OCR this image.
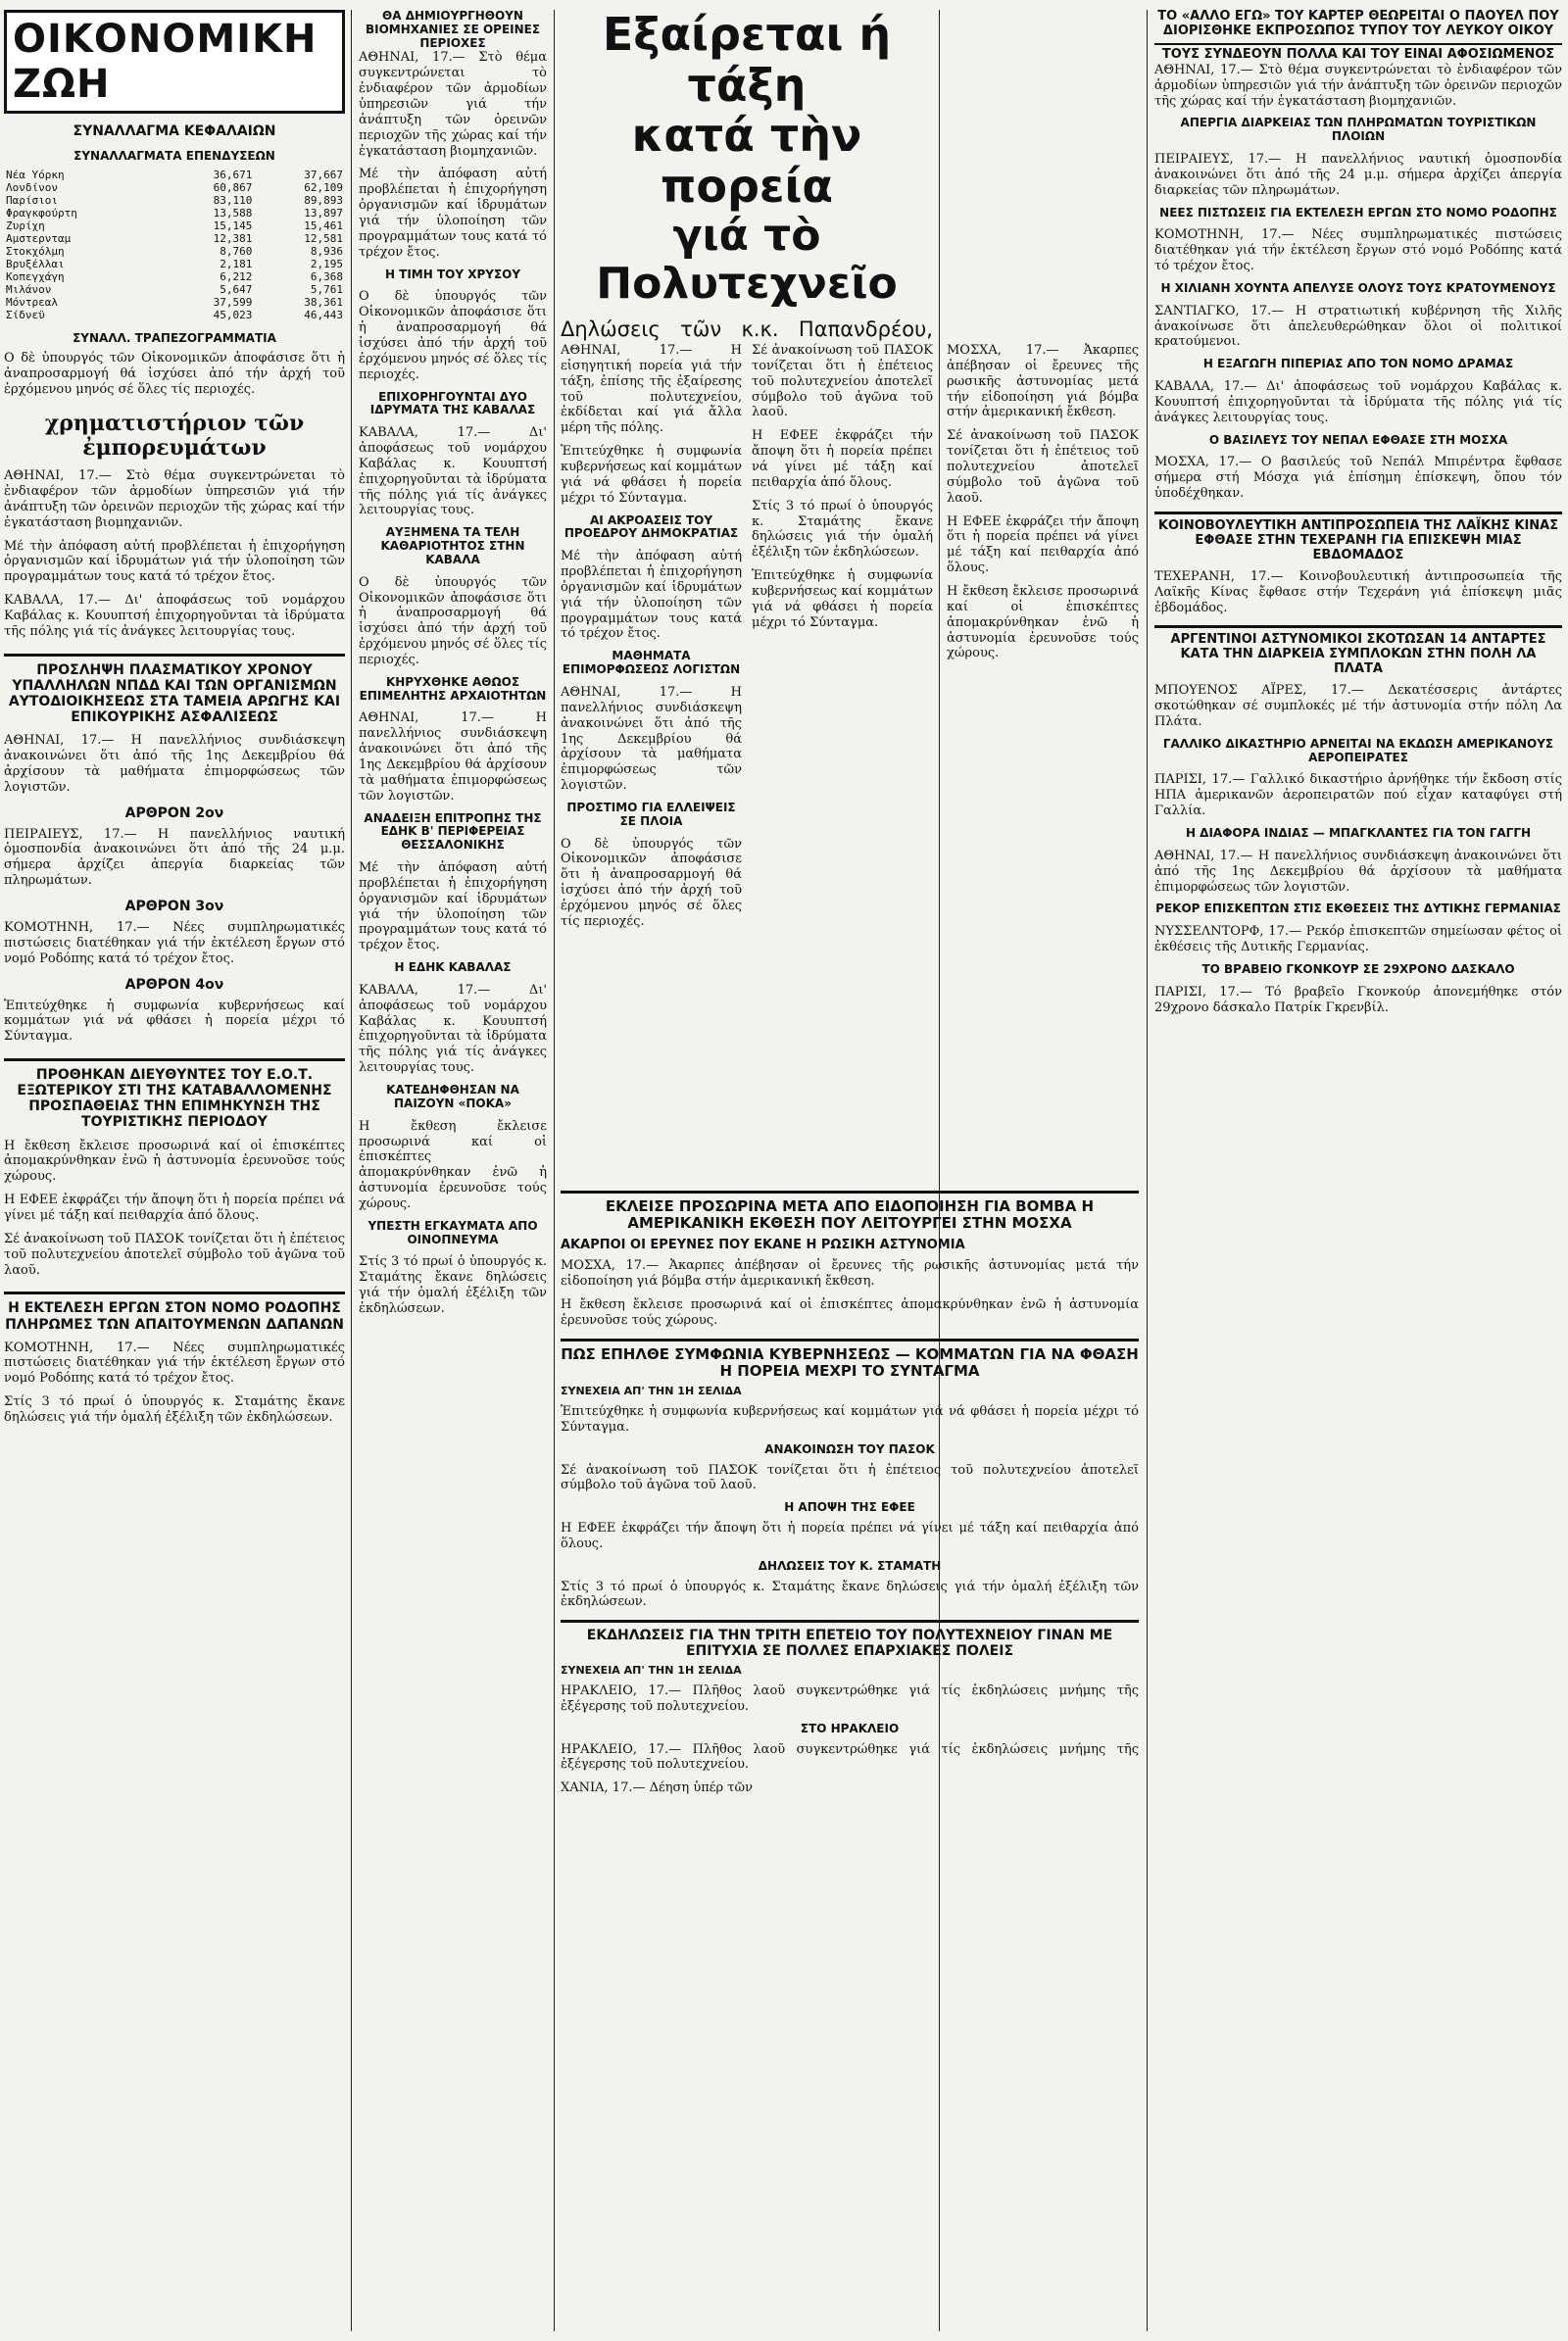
ΟΙΚΟΝΟΜΙΚΗ ΖΩΗ
ΣΥΝΑΛΛΑΓΜΑ ΚΕΦΑΛΑΙΩΝ
ΣΥΝΑΛΛΑΓΜΑΤΑ ΕΠΕΝΔΥΣΕΩΝ
Νέα Υόρκη	36,671	37,667
Λονδίνον	60,867	62,109
Παρίσιοι	83,110	89,893
Φραγκφούρτη	13,588	13,897
Ζυρίχη	15,145	15,461
Αμστερνταμ	12,381	12,581
Στοκχόλμη	8,760	8,936
Βρυξέλλαι	2,181	2,195
Κοπεγχάγη	6,212	6,368
Μιλάνον	5,647	5,761
Μόντρεαλ	37,599	38,361
Σίδνεϋ	45,023	46,443
ΣΥΝΑΛΛ. ΤΡΑΠΕΖΟΓΡΑΜΜΑΤΙΑ

Ο δὲ ὑπουργός τῶν Οἰκονομικῶν ἀποφάσισε ὅτι ἡ ἀναπροσαρμογή θά ἰσχύσει ἀπό τήν ἀρχή τοῦ ἐρχόμενου μηνός σέ ὅλες τίς περιοχές.

χρηματιστήριον τῶν ἐμπορευμάτων

ΑΘΗΝΑΙ, 17.— Στὸ θέμα συγκεντρώνεται τὸ ἐνδιαφέρον τῶν ἀρμοδίων ὑπηρεσιῶν γιά τήν ἀνάπτυξη τῶν ὀρεινῶν περιοχῶν τῆς χώρας καί τήν ἐγκατάσταση βιομηχανιῶν.

Μέ τὴν ἀπόφαση αὐτή προβλέπεται ἡ ἐπιχορήγηση ὀργανισμῶν καί ἱδρυμάτων γιά τήν ὑλοποίηση τῶν προγραμμάτων τους κατά τό τρέχον ἔτος.

ΚΑΒΑΛΑ, 17.— Δι' ἀποφάσεως τοῦ νομάρχου Καβάλας κ. Κουυπτσή ἐπιχορηγοῦνται τὰ ἱδρύματα τῆς πόλης γιά τίς ἀνάγκες λειτουργίας τους.

ΠΡΟΣΛΗΨΗ ΠΛΑΣΜΑΤΙΚΟΥ ΧΡΟΝΟΥ ΥΠΑΛΛΗΛΩΝ ΝΠΔΔ ΚΑΙ ΤΩΝ ΟΡΓΑΝΙΣΜΩΝ ΑΥΤΟΔΙΟΙΚΗΣΕΩΣ ΣΤΑ ΤΑΜΕΙΑ ΑΡΩΓΗΣ ΚΑΙ ΕΠΙΚΟΥΡΙΚΗΣ ΑΣΦΑΛΙΣΕΩΣ

ΑΘΗΝΑΙ, 17.— Η πανελλήνιος συνδιάσκεψη ἀνακοινώνει ὅτι ἀπό τῆς 1ης Δεκεμβρίου θά ἀρχίσουν τὰ μαθήματα ἐπιμορφώσεως τῶν λογιστῶν.

ΑΡΘΡΟΝ 2ον

ΠΕΙΡΑΙΕΥΣ, 17.— Η πανελλήνιος ναυτική ὁμοσπονδία ἀνακοινώνει ὅτι ἀπό τῆς 24 μ.μ. σήμερα ἀρχίζει ἀπεργία διαρκείας τῶν πληρωμάτων.

ΑΡΘΡΟΝ 3ον

ΚΟΜΟΤΗΝΗ, 17.— Νέες συμπληρωματικές πιστώσεις διατέθηκαν γιά τήν ἐκτέλεση ἔργων στό νομό Ροδόπης κατά τό τρέχον ἔτος.

ΑΡΘΡΟΝ 4ον

Ἐπιτεύχθηκε ἡ συμφωνία κυβερνήσεως καί κομμάτων γιά νά φθάσει ἡ πορεία μέχρι τό Σύνταγμα.

ΠΡΟΘΗΚΑΝ ΔΙΕΥΘΥΝΤΕΣ ΤΟΥ Ε.Ο.Τ. ΕΞΩΤΕΡΙΚΟΥ ΣΤΙ ΤΗΣ ΚΑΤΑΒΑΛΛΟΜΕΝΗΣ ΠΡΟΣΠΑΘΕΙΑΣ ΤΗΝ ΕΠΙΜΗΚΥΝΣΗ ΤΗΣ ΤΟΥΡΙΣΤΙΚΗΣ ΠΕΡΙΟΔΟΥ

Η ἔκθεση ἔκλεισε προσωρινά καί οἱ ἐπισκέπτες ἀπομακρύνθηκαν ἐνῶ ἡ ἀστυνομία ἐρευνοῦσε τούς χώρους.

Η ΕΦΕΕ ἐκφράζει τήν ἄποψη ὅτι ἡ πορεία πρέπει νά γίνει μέ τάξη καί πειθαρχία ἀπό ὅλους.

Σέ ἀνακοίνωση τοῦ ΠΑΣΟΚ τονίζεται ὅτι ἡ ἐπέτειος τοῦ πολυτεχνείου ἀποτελεῖ σύμβολο τοῦ ἀγῶνα τοῦ λαοῦ.

Η ΕΚΤΕΛΕΣΗ ΕΡΓΩΝ ΣΤΟΝ ΝΟΜΟ ΡΟΔΟΠΗΣ ΠΛΗΡΩΜΕΣ ΤΩΝ ΑΠΑΙΤΟΥΜΕΝΩΝ ΔΑΠΑΝΩΝ

ΚΟΜΟΤΗΝΗ, 17.— Νέες συμπληρωματικές πιστώσεις διατέθηκαν γιά τήν ἐκτέλεση ἔργων στό νομό Ροδόπης κατά τό τρέχον ἔτος.

Στίς 3 τό πρωί ὁ ὑπουργός κ. Σταμάτης ἔκανε δηλώσεις γιά τήν ὁμαλή ἐξέλιξη τῶν ἐκδηλώσεων.

ΘΑ ΔΗΜΙΟΥΡΓΗΘΟΥΝ ΒΙΟΜΗΧΑΝΙΕΣ ΣΕ ΟΡΕΙΝΕΣ ΠΕΡΙΟΧΕΣ

ΑΘΗΝΑΙ, 17.— Στὸ θέμα συγκεντρώνεται τὸ ἐνδιαφέρον τῶν ἀρμοδίων ὑπηρεσιῶν γιά τήν ἀνάπτυξη τῶν ὀρεινῶν περιοχῶν τῆς χώρας καί τήν ἐγκατάσταση βιομηχανιῶν.

Μέ τὴν ἀπόφαση αὐτή προβλέπεται ἡ ἐπιχορήγηση ὀργανισμῶν καί ἱδρυμάτων γιά τήν ὑλοποίηση τῶν προγραμμάτων τους κατά τό τρέχον ἔτος.

Η ΤΙΜΗ ΤΟΥ ΧΡΥΣΟΥ

Ο δὲ ὑπουργός τῶν Οἰκονομικῶν ἀποφάσισε ὅτι ἡ ἀναπροσαρμογή θά ἰσχύσει ἀπό τήν ἀρχή τοῦ ἐρχόμενου μηνός σέ ὅλες τίς περιοχές.

ΕΠΙΧΟΡΗΓΟΥΝΤΑΙ ΔΥΟ ΙΔΡΥΜΑΤΑ ΤΗΣ ΚΑΒΑΛΑΣ

ΚΑΒΑΛΑ, 17.— Δι' ἀποφάσεως τοῦ νομάρχου Καβάλας κ. Κουυπτσή ἐπιχορηγοῦνται τὰ ἱδρύματα τῆς πόλης γιά τίς ἀνάγκες λειτουργίας τους.

ΑΥΞΗΜΕΝΑ ΤΑ ΤΕΛΗ ΚΑΘΑΡΙΟΤΗΤΟΣ ΣΤΗΝ ΚΑΒΑΛΑ

Ο δὲ ὑπουργός τῶν Οἰκονομικῶν ἀποφάσισε ὅτι ἡ ἀναπροσαρμογή θά ἰσχύσει ἀπό τήν ἀρχή τοῦ ἐρχόμενου μηνός σέ ὅλες τίς περιοχές.

ΚΗΡΥΧΘΗΚΕ ΑΘΩΟΣ ΕΠΙΜΕΛΗΤΗΣ ΑΡΧΑΙΟΤΗΤΩΝ

ΑΘΗΝΑΙ, 17.— Η πανελλήνιος συνδιάσκεψη ἀνακοινώνει ὅτι ἀπό τῆς 1ης Δεκεμβρίου θά ἀρχίσουν τὰ μαθήματα ἐπιμορφώσεως τῶν λογιστῶν.

ΑΝΑΔΕΙΞΗ ΕΠΙΤΡΟΠΗΣ ΤΗΣ ΕΔΗΚ Β' ΠΕΡΙΦΕΡΕΙΑΣ ΘΕΣΣΑΛΟΝΙΚΗΣ

Μέ τὴν ἀπόφαση αὐτή προβλέπεται ἡ ἐπιχορήγηση ὀργανισμῶν καί ἱδρυμάτων γιά τήν ὑλοποίηση τῶν προγραμμάτων τους κατά τό τρέχον ἔτος.

Η ΕΔΗΚ ΚΑΒΑΛΑΣ

ΚΑΒΑΛΑ, 17.— Δι' ἀποφάσεως τοῦ νομάρχου Καβάλας κ. Κουυπτσή ἐπιχορηγοῦνται τὰ ἱδρύματα τῆς πόλης γιά τίς ἀνάγκες λειτουργίας τους.

ΚΑΤΕΔΗΦΘΗΣΑΝ ΝΑ ΠΑΙΖΟΥΝ «ΠΟΚΑ»

Η ἔκθεση ἔκλεισε προσωρινά καί οἱ ἐπισκέπτες ἀπομακρύνθηκαν ἐνῶ ἡ ἀστυνομία ἐρευνοῦσε τούς χώρους.

ΥΠΕΣΤΗ ΕΓΚΑΥΜΑΤΑ ΑΠΟ ΟΙΝΟΠΝΕΥΜΑ

Στίς 3 τό πρωί ὁ ὑπουργός κ. Σταμάτης ἔκανε δηλώσεις γιά τήν ὁμαλή ἐξέλιξη τῶν ἐκδηλώσεων.

Εξαίρεται ή τάξη
κατά τὴν πορεία
γιά τὸ Πολυτεχνεῖο
Δηλώσεις τῶν κ.κ. Παπανδρέου,

ΑΘΗΝΑΙ, 17.— Η εἰσηγητική πορεία γιά τήν τάξη, ἐπίσης τῆς ἐξαίρεσης τοῦ πολυτεχνείου, ἐκδίδεται καί γιά ἄλλα μέρη τῆς πόλης.

Ἐπιτεύχθηκε ἡ συμφωνία κυβερνήσεως καί κομμάτων γιά νά φθάσει ἡ πορεία μέχρι τό Σύνταγμα.

ΑΙ ΑΚΡΟΑΣΕΙΣ ΤΟΥ ΠΡΟΕΔΡΟΥ ΔΗΜΟΚΡΑΤΙΑΣ

Μέ τὴν ἀπόφαση αὐτή προβλέπεται ἡ ἐπιχορήγηση ὀργανισμῶν καί ἱδρυμάτων γιά τήν ὑλοποίηση τῶν προγραμμάτων τους κατά τό τρέχον ἔτος.

ΜΑΘΗΜΑΤΑ ΕΠΙΜΟΡΦΩΣΕΩΣ ΛΟΓΙΣΤΩΝ

ΑΘΗΝΑΙ, 17.— Η πανελλήνιος συνδιάσκεψη ἀνακοινώνει ὅτι ἀπό τῆς 1ης Δεκεμβρίου θά ἀρχίσουν τὰ μαθήματα ἐπιμορφώσεως τῶν λογιστῶν.

ΠΡΟΣΤΙΜΟ ΓΙΑ ΕΛΛΕΙΨΕΙΣ ΣΕ ΠΛΟΙΑ

Ο δὲ ὑπουργός τῶν Οἰκονομικῶν ἀποφάσισε ὅτι ἡ ἀναπροσαρμογή θά ἰσχύσει ἀπό τήν ἀρχή τοῦ ἐρχόμενου μηνός σέ ὅλες τίς περιοχές.

Σέ ἀνακοίνωση τοῦ ΠΑΣΟΚ τονίζεται ὅτι ἡ ἐπέτειος τοῦ πολυτεχνείου ἀποτελεῖ σύμβολο τοῦ ἀγῶνα τοῦ λαοῦ.

Η ΕΦΕΕ ἐκφράζει τήν ἄποψη ὅτι ἡ πορεία πρέπει νά γίνει μέ τάξη καί πειθαρχία ἀπό ὅλους.

Στίς 3 τό πρωί ὁ ὑπουργός κ. Σταμάτης ἔκανε δηλώσεις γιά τήν ὁμαλή ἐξέλιξη τῶν ἐκδηλώσεων.

Ἐπιτεύχθηκε ἡ συμφωνία κυβερνήσεως καί κομμάτων γιά νά φθάσει ἡ πορεία μέχρι τό Σύνταγμα.

ΕΚΛΕΙΣΕ ΠΡΟΣΩΡΙΝΑ ΜΕΤΑ ΑΠΟ ΕΙΔΟΠΟΙΗΣΗ ΓΙΑ ΒΟΜΒΑ Η ΑΜΕΡΙΚΑΝΙΚΗ ΕΚΘΕΣΗ ΠΟΥ ΛΕΙΤΟΥΡΓΕΙ ΣΤΗΝ ΜΟΣΧΑ
ΑΚΑΡΠΟΙ ΟΙ ΕΡΕΥΝΕΣ ΠΟΥ ΕΚΑΝΕ Η ΡΩΣΙΚΗ ΑΣΤΥΝΟΜΙΑ

ΜΟΣΧΑ, 17.— Ἀκαρπες ἀπέβησαν οἱ ἔρευνες τῆς ρωσικῆς ἀστυνομίας μετά τήν εἰδοποίηση γιά βόμβα στήν ἀμερικανική ἔκθεση.

Η ἔκθεση ἔκλεισε προσωρινά καί οἱ ἐπισκέπτες ἀπομακρύνθηκαν ἐνῶ ἡ ἀστυνομία ἐρευνοῦσε τούς χώρους.

ΠΩΣ ΕΠΗΛΘΕ ΣΥΜΦΩΝΙΑ ΚΥΒΕΡΝΗΣΕΩΣ — ΚΟΜΜΑΤΩΝ ΓΙΑ ΝΑ ΦΘΑΣΗ Η ΠΟΡΕΙΑ ΜΕΧΡΙ ΤΟ ΣΥΝΤΑΓΜΑ
ΣΥΝΕΧΕΙΑ ΑΠ' ΤΗΝ 1Η ΣΕΛΙΔΑ

Ἐπιτεύχθηκε ἡ συμφωνία κυβερνήσεως καί κομμάτων γιά νά φθάσει ἡ πορεία μέχρι τό Σύνταγμα.

ΑΝΑΚΟΙΝΩΣΗ ΤΟΥ ΠΑΣΟΚ

Σέ ἀνακοίνωση τοῦ ΠΑΣΟΚ τονίζεται ὅτι ἡ ἐπέτειος τοῦ πολυτεχνείου ἀποτελεῖ σύμβολο τοῦ ἀγῶνα τοῦ λαοῦ.

Η ΑΠΟΨΗ ΤΗΣ ΕΦΕΕ

Η ΕΦΕΕ ἐκφράζει τήν ἄποψη ὅτι ἡ πορεία πρέπει νά γίνει μέ τάξη καί πειθαρχία ἀπό ὅλους.

ΔΗΛΩΣΕΙΣ ΤΟΥ Κ. ΣΤΑΜΑΤΗ

Στίς 3 τό πρωί ὁ ὑπουργός κ. Σταμάτης ἔκανε δηλώσεις γιά τήν ὁμαλή ἐξέλιξη τῶν ἐκδηλώσεων.

ΕΚΔΗΛΩΣΕΙΣ ΓΙΑ ΤΗΝ ΤΡΙΤΗ ΕΠΕΤΕΙΟ ΤΟΥ ΠΟΛΥΤΕΧΝΕΙΟΥ ΓΙΝΑΝ ΜΕ ΕΠΙΤΥΧΙΑ ΣΕ ΠΟΛΛΕΣ ΕΠΑΡΧΙΑΚΕΣ ΠΟΛΕΙΣ
ΣΥΝΕΧΕΙΑ ΑΠ' ΤΗΝ 1Η ΣΕΛΙΔΑ

ΗΡΑΚΛΕΙΟ, 17.— Πλῆθος λαοῦ συγκεντρώθηκε γιά τίς ἐκδηλώσεις μνήμης τῆς ἐξέγερσης τοῦ πολυτεχνείου.

ΣΤΟ ΗΡΑΚΛΕΙΟ

ΗΡΑΚΛΕΙΟ, 17.— Πλῆθος λαοῦ συγκεντρώθηκε γιά τίς ἐκδηλώσεις μνήμης τῆς ἐξέγερσης τοῦ πολυτεχνείου.

ΧΑΝΙΑ, 17.— Δέηση ὑπέρ τῶν

ΜΟΣΧΑ, 17.— Ἀκαρπες ἀπέβησαν οἱ ἔρευνες τῆς ρωσικῆς ἀστυνομίας μετά τήν εἰδοποίηση γιά βόμβα στήν ἀμερικανική ἔκθεση.

Σέ ἀνακοίνωση τοῦ ΠΑΣΟΚ τονίζεται ὅτι ἡ ἐπέτειος τοῦ πολυτεχνείου ἀποτελεῖ σύμβολο τοῦ ἀγῶνα τοῦ λαοῦ.

Η ΕΦΕΕ ἐκφράζει τήν ἄποψη ὅτι ἡ πορεία πρέπει νά γίνει μέ τάξη καί πειθαρχία ἀπό ὅλους.

Η ἔκθεση ἔκλεισε προσωρινά καί οἱ ἐπισκέπτες ἀπομακρύνθηκαν ἐνῶ ἡ ἀστυνομία ἐρευνοῦσε τούς χώρους.

ΤΟ «ΑΛΛΟ ΕΓΩ» ΤΟΥ ΚΑΡΤΕΡ ΘΕΩΡΕΙΤΑΙ Ο ΠΑΟΥΕΛ ΠΟΥ ΔΙΟΡΙΣΘΗΚΕ ΕΚΠΡΟΣΩΠΟΣ ΤΥΠΟΥ ΤΟΥ ΛΕΥΚΟΥ ΟΙΚΟΥ
ΤΟΥΣ ΣΥΝΔΕΟΥΝ ΠΟΛΛΑ ΚΑΙ ΤΟΥ ΕΙΝΑΙ ΑΦΟΣΙΩΜΕΝΟΣ

ΑΘΗΝΑΙ, 17.— Στὸ θέμα συγκεντρώνεται τὸ ἐνδιαφέρον τῶν ἀρμοδίων ὑπηρεσιῶν γιά τήν ἀνάπτυξη τῶν ὀρεινῶν περιοχῶν τῆς χώρας καί τήν ἐγκατάσταση βιομηχανιῶν.

ΑΠΕΡΓΙΑ ΔΙΑΡΚΕΙΑΣ ΤΩΝ ΠΛΗΡΩΜΑΤΩΝ ΤΟΥΡΙΣΤΙΚΩΝ ΠΛΟΙΩΝ

ΠΕΙΡΑΙΕΥΣ, 17.— Η πανελλήνιος ναυτική ὁμοσπονδία ἀνακοινώνει ὅτι ἀπό τῆς 24 μ.μ. σήμερα ἀρχίζει ἀπεργία διαρκείας τῶν πληρωμάτων.

ΝΕΕΣ ΠΙΣΤΩΣΕΙΣ ΓΙΑ ΕΚΤΕΛΕΣΗ ΕΡΓΩΝ ΣΤΟ ΝΟΜΟ ΡΟΔΟΠΗΣ

ΚΟΜΟΤΗΝΗ, 17.— Νέες συμπληρωματικές πιστώσεις διατέθηκαν γιά τήν ἐκτέλεση ἔργων στό νομό Ροδόπης κατά τό τρέχον ἔτος.

Η ΧΙΛΙΑΝΗ ΧΟΥΝΤΑ ΑΠΕΛΥΣΕ ΟΛΟΥΣ ΤΟΥΣ ΚΡΑΤΟΥΜΕΝΟΥΣ

ΣΑΝΤΙΑΓΚΟ, 17.— Η στρατιωτική κυβέρνηση τῆς Χιλῆς ἀνακοίνωσε ὅτι ἀπελευθερώθηκαν ὅλοι οἱ πολιτικοί κρατούμενοι.

Η ΕΞΑΓΩΓΗ ΠΙΠΕΡΙΑΣ ΑΠΟ ΤΟΝ ΝΟΜΟ ΔΡΑΜΑΣ

ΚΑΒΑΛΑ, 17.— Δι' ἀποφάσεως τοῦ νομάρχου Καβάλας κ. Κουυπτσή ἐπιχορηγοῦνται τὰ ἱδρύματα τῆς πόλης γιά τίς ἀνάγκες λειτουργίας τους.

Ο ΒΑΣΙΛΕΥΣ ΤΟΥ ΝΕΠΑΛ ΕΦΘΑΣΕ ΣΤΗ ΜΟΣΧΑ

ΜΟΣΧΑ, 17.— Ο βασιλεύς τοῦ Νεπάλ Μπιρέντρα ἔφθασε σήμερα στή Μόσχα γιά ἐπίσημη ἐπίσκεψη, ὅπου τόν ὑποδέχθηκαν.

ΚΟΙΝΟΒΟΥΛΕΥΤΙΚΗ ΑΝΤΙΠΡΟΣΩΠΕΙΑ ΤΗΣ ΛΑΪΚΗΣ ΚΙΝΑΣ ΕΦΘΑΣΕ ΣΤΗΝ ΤΕΧΕΡΑΝΗ ΓΙΑ ΕΠΙΣΚΕΨΗ ΜΙΑΣ ΕΒΔΟΜΑΔΟΣ

ΤΕΧΕΡΑΝΗ, 17.— Κοινοβουλευτική ἀντιπροσωπεία τῆς Λαϊκῆς Κίνας ἔφθασε στήν Τεχεράνη γιά ἐπίσκεψη μιᾶς ἑβδομάδος.

ΑΡΓΕΝΤΙΝΟΙ ΑΣΤΥΝΟΜΙΚΟΙ ΣΚΟΤΩΣΑΝ 14 ΑΝΤΑΡΤΕΣ ΚΑΤΑ ΤΗΝ ΔΙΑΡΚΕΙΑ ΣΥΜΠΛΟΚΩΝ ΣΤΗΝ ΠΟΛΗ ΛΑ ΠΛΑΤΑ

ΜΠΟΥΕΝΟΣ ΑΪΡΕΣ, 17.— Δεκατέσσερις ἀντάρτες σκοτώθηκαν σέ συμπλοκές μέ τήν ἀστυνομία στήν πόλη Λα Πλάτα.

ΓΑΛΛΙΚΟ ΔΙΚΑΣΤΗΡΙΟ ΑΡΝΕΙΤΑΙ ΝΑ ΕΚΔΩΣΗ ΑΜΕΡΙΚΑΝΟΥΣ ΑΕΡΟΠΕΙΡΑΤΕΣ

ΠΑΡΙΣΙ, 17.— Γαλλικό δικαστήριο ἀρνήθηκε τήν ἔκδοση στίς ΗΠΑ ἀμερικανῶν ἀεροπειρατῶν πού εἶχαν καταφύγει στή Γαλλία.

Η ΔΙΑΦΟΡΑ ΙΝΔΙΑΣ — ΜΠΑΓΚΛΑΝΤΕΣ ΓΙΑ ΤΟΝ ΓΑΓΓΗ

ΑΘΗΝΑΙ, 17.— Η πανελλήνιος συνδιάσκεψη ἀνακοινώνει ὅτι ἀπό τῆς 1ης Δεκεμβρίου θά ἀρχίσουν τὰ μαθήματα ἐπιμορφώσεως τῶν λογιστῶν.

ΡΕΚΟΡ ΕΠΙΣΚΕΠΤΩΝ ΣΤΙΣ ΕΚΘΕΣΕΙΣ ΤΗΣ ΔΥΤΙΚΗΣ ΓΕΡΜΑΝΙΑΣ

ΝΥΣΣΕΛΝΤΟΡΦ, 17.— Ρεκόρ ἐπισκεπτῶν σημείωσαν φέτος οἱ ἐκθέσεις τῆς Δυτικῆς Γερμανίας.

ΤΟ ΒΡΑΒΕΙΟ ΓΚΟΝΚΟΥΡ ΣΕ 29ΧΡΟΝΟ ΔΑΣΚΑΛΟ

ΠΑΡΙΣΙ, 17.— Τό βραβεῖο Γκονκούρ ἀπονεμήθηκε στόν 29χρονο δάσκαλο Πατρίκ Γκρενβίλ.
